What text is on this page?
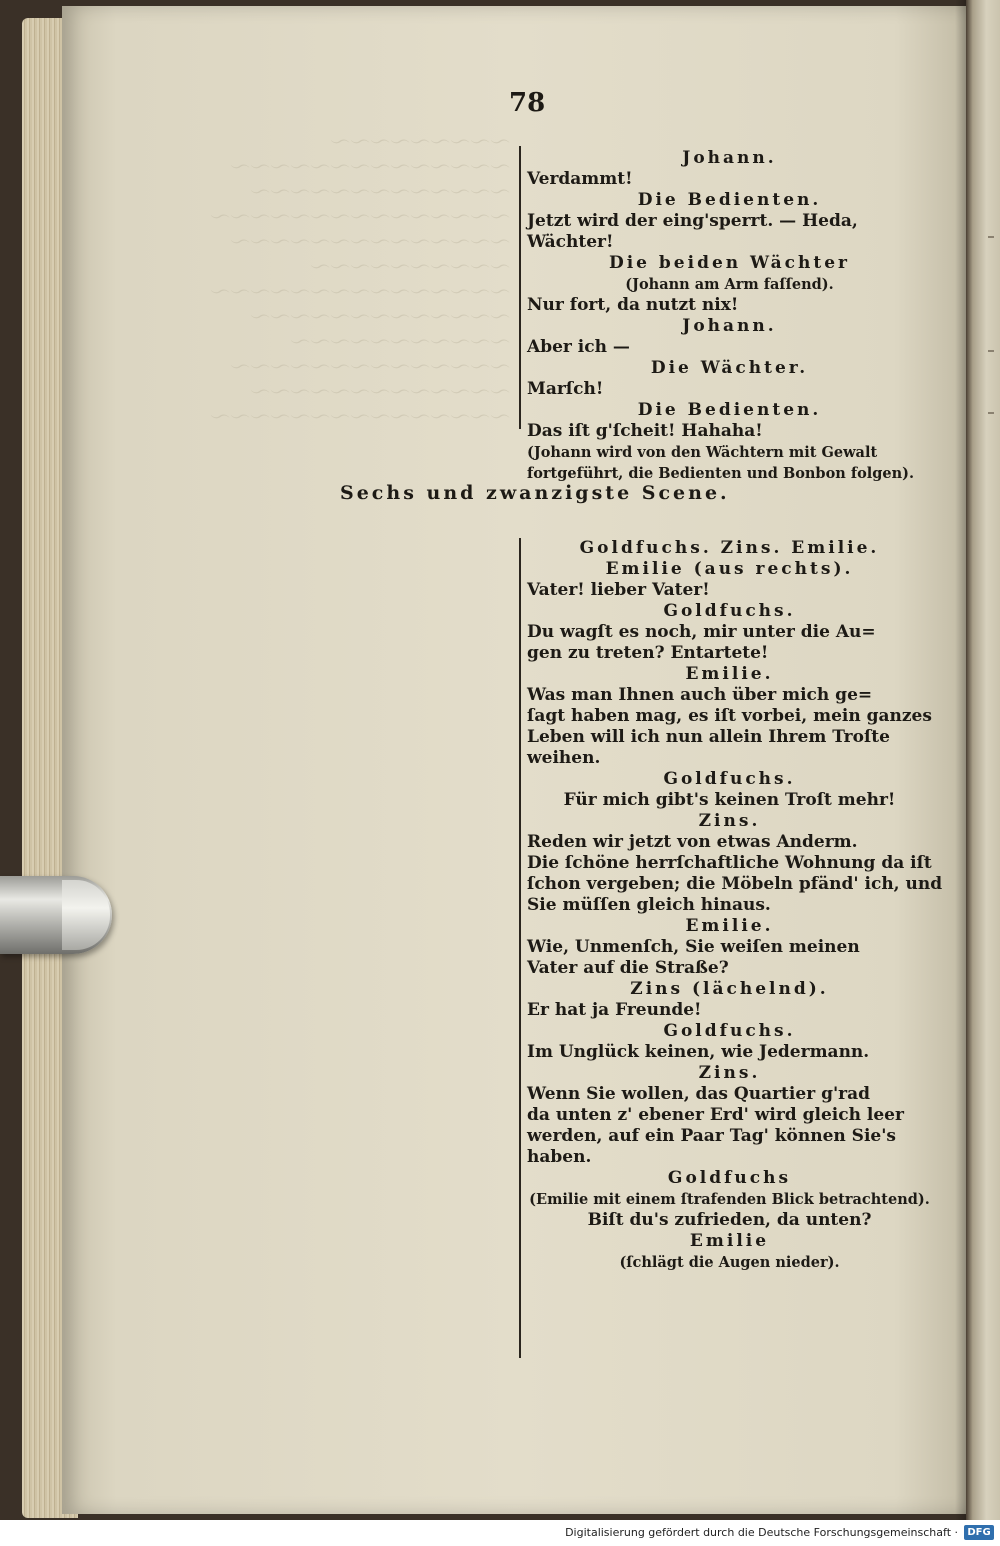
～～～～～～～～～
～～～～～～～～～～～～～～
～～～～～～～～～～～～～
～～～～～～～～～～～～～～～
～～～～～～～～～～～～～～
～～～～～～～～～～
～～～～～～～～～～～～～～～
～～～～～～～～～～～～～
～～～～～～～～～～～
～～～～～～～～～～～～～～
～～～～～～～～～～～～～
～～～～～～～～～～～～～～～
78
Johann.
Verdammt!
Die Bedienten.
Jetzt wird der eing'sperrt. — Heda,
Wächter!
Die beiden Wächter
(Johann am Arm faſſend).
Nur fort, da nutzt nix!
Johann.
Aber ich —
Die Wächter.
Marſch!
Die Bedienten.
Das iſt g'ſcheit! Hahaha!
(Johann wird von den Wächtern mit Gewalt
fortgeführt, die Bedienten und Bonbon folgen).
Sechs und zwanzigste Scene.
Goldfuchs. Zins. Emilie.
Emilie (aus rechts).
Vater! lieber Vater!
Goldfuchs.
Du wagſt es noch, mir unter die Au=
gen zu treten? Entartete!
Emilie.
Was man Ihnen auch über mich ge=
ſagt haben mag, es iſt vorbei, mein ganzes
Leben will ich nun allein Ihrem Troſte
weihen.
Goldfuchs.
Für mich gibt's keinen Troſt mehr!
Zins.
Reden wir jetzt von etwas Anderm.
Die ſchöne herrſchaftliche Wohnung da iſt
ſchon vergeben; die Möbeln pfänd' ich, und
Sie müſſen gleich hinaus.
Emilie.
Wie, Unmenſch, Sie weiſen meinen
Vater auf die Straße?
Zins (lächelnd).
Er hat ja Freunde!
Goldfuchs.
Im Unglück keinen, wie Jedermann.
Zins.
Wenn Sie wollen, das Quartier g'rad
da unten z' ebener Erd' wird gleich leer
werden, auf ein Paar Tag' können Sie's
haben.
Goldfuchs
(Emilie mit einem ſtrafenden Blick betrachtend).
Biſt du's zufrieden, da unten?
Emilie
(ſchlägt die Augen nieder).
Digitalisierung gefördert durch die Deutsche Forschungsgemeinschaft · DFG
